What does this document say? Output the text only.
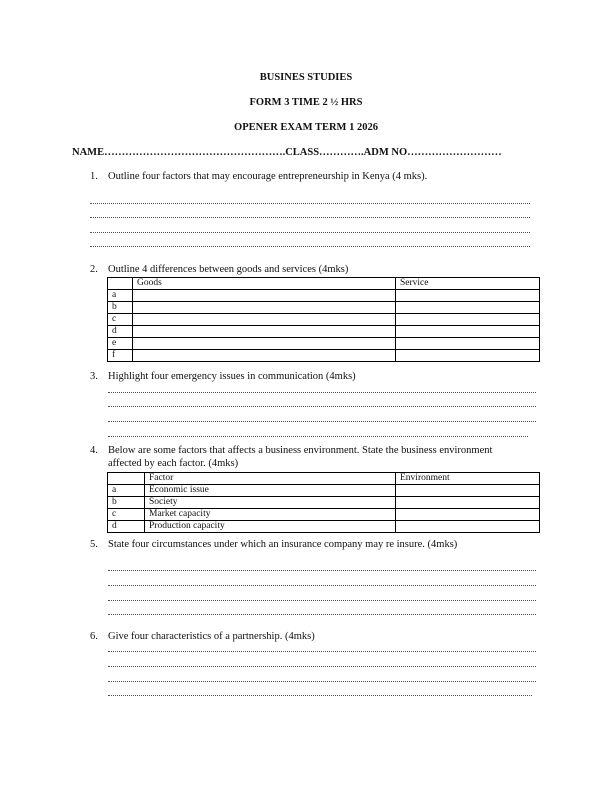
BUSINES STUDIES
FORM 3 TIME 2 ½ HRS
OPENER EXAM TERM 1 2026
NAME…………………………………………….CLASS………….ADM NO………………………
1. Outline four factors that may encourage entrepreneurship in Kenya (4 mks).
2. Outline 4 differences between goods and services (4mks)
	Goods	Service
a		
b		
c		
d		
e		
f		
3. Highlight four emergency issues in communication (4mks)
4. Below are some factors that affects a business environment. State the business environment
affected by each factor. (4mks)
	Factor	Environment
a	Economic issue	
b	Society	
c	Market capacity	
d	Production capacity	
5. State four circumstances under which an insurance company may re insure. (4mks)
6. Give four characteristics of a partnership. (4mks)
